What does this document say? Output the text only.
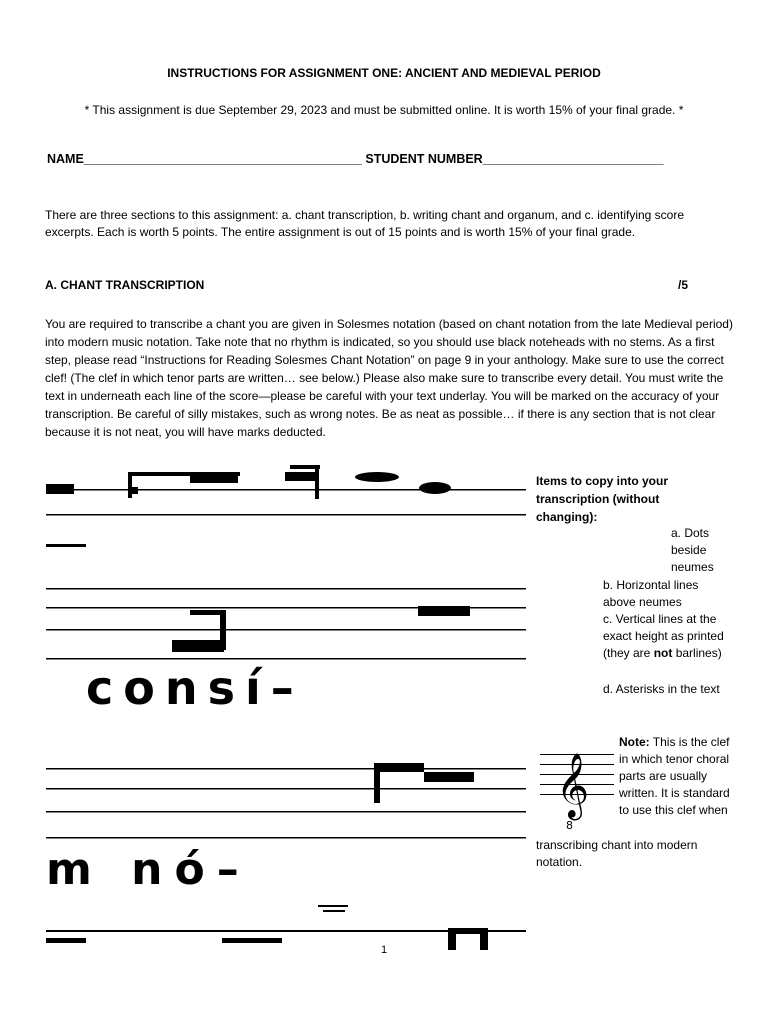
INSTRUCTIONS FOR ASSIGNMENT ONE: ANCIENT AND MEDIEVAL PERIOD
* This assignment is due September 29, 2023 and must be submitted online. It is worth 15% of your final grade. *
NAME________________________________________ STUDENT NUMBER__________________________
There are three sections to this assignment: a. chant transcription, b. writing chant and organum, and c. identifying score excerpts. Each is worth 5 points. The entire assignment is out of 15 points and is worth 15% of your final grade.
A. CHANT TRANSCRIPTION	/5
You are required to transcribe a chant you are given in Solesmes notation (based on chant notation from the late Medieval period) into modern music notation. Take note that no rhythm is indicated, so you should use black noteheads with no stems. As a first step, please read “Instructions for Reading Solesmes Chant Notation” on page 9 in your anthology. Make sure to use the correct clef! (The clef in which tenor parts are written… see below.) Please also make sure to transcribe every detail. You must write the text in underneath each line of the score—please be careful with your text underlay. You will be marked on the accuracy of your transcription. Be careful of silly mistakes, such as wrong notes. Be as neat as possible… if there is any section that is not clear because it is not neat, you will have marks deducted.
consí–
m nó–
Items to copy into your transcription (without changing):
a. Dots beside neumes
b. Horizontal lines above neumes
c. Vertical lines at the exact height as printed (they are not barlines)
d. Asterisks in the text
𝄞
8
Note: This is the clef in which tenor choral parts are usually written. It is standard to use this clef when
transcribing chant into modern notation.
1
